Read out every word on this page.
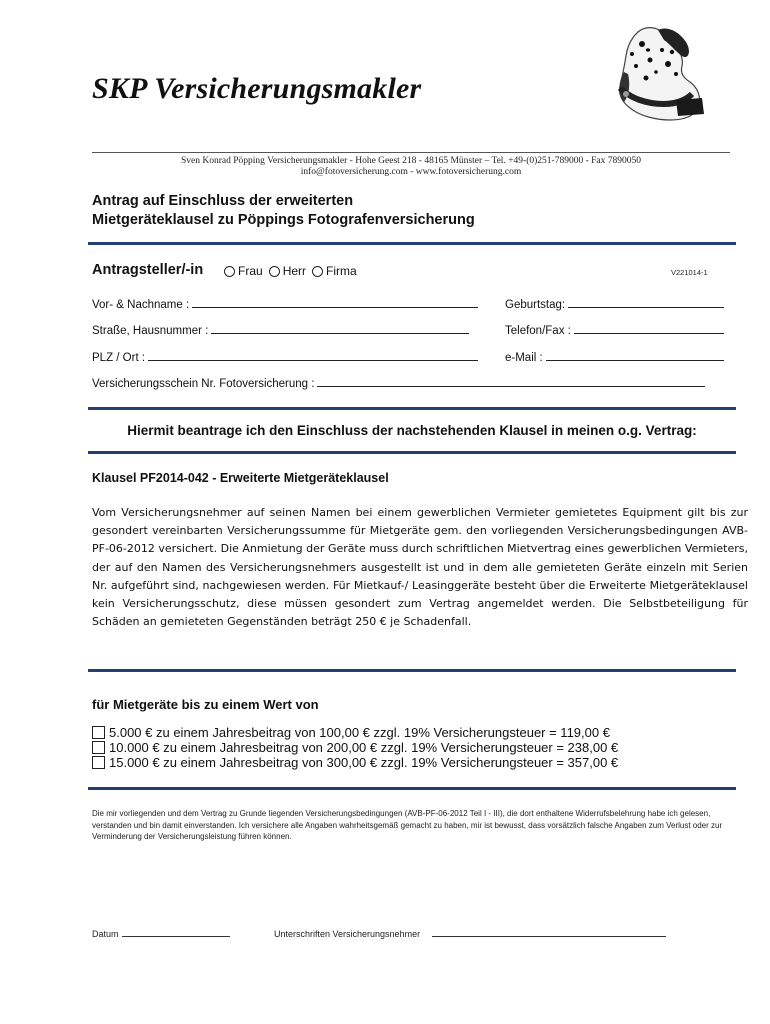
SKP Versicherungsmakler
Sven Konrad Pöpping Versicherungsmakler - Hohe Geest 218 - 48165 Münster – Tel. +49-(0)251-789000 - Fax 7890050
info@fotoversicherung.com - www.fotoversicherung.com
Antrag auf Einschluss der erweiterten
Mietgeräteklausel zu Pöppings Fotografenversicherung
Antragsteller/-in	Frau Herr Firma	V221014-1
Vor- & Nachname :	Geburtstag:
Straße, Hausnummer :	Telefon/Fax :
PLZ / Ort :	e-Mail :
Versicherungsschein Nr. Fotoversicherung :
Hiermit beantrage ich den Einschluss der nachstehenden Klausel in meinen o.g. Vertrag:
Klausel PF2014-042 - Erweiterte Mietgeräteklausel
Vom Versicherungsnehmer auf seinen Namen bei einem gewerblichen Vermieter gemietetes Equipment gilt bis zur gesondert vereinbarten Versicherungssumme für Mietgeräte gem. den vorliegenden Versicherungsbedingungen AVB-PF-06-2012 versichert. Die Anmietung der Geräte muss durch schriftlichen Mietvertrag eines gewerblichen Vermieters, der auf den Namen des Versicherungsnehmers ausgestellt ist und in dem alle gemieteten Geräte einzeln mit Serien Nr. aufgeführt sind, nachgewiesen werden. Für Mietkauf-/ Leasinggeräte besteht über die Erweiterte Mietgeräteklausel kein Versicherungsschutz, diese müssen gesondert zum Vertrag angemeldet werden. Die Selbstbeteiligung für Schäden an gemieteten Gegenständen beträgt 250 € je Schadenfall.
für Mietgeräte bis zu einem Wert von
5.000 € zu einem Jahresbeitrag von 100,00 € zzgl. 19% Versicherungsteuer = 119,00 €
10.000 € zu einem Jahresbeitrag von 200,00 € zzgl. 19% Versicherungsteuer = 238,00 €
15.000 € zu einem Jahresbeitrag von 300,00 € zzgl. 19% Versicherungsteuer = 357,00 €
Die mir vorliegenden und dem Vertrag zu Grunde liegenden Versicherungsbedingungen (AVB-PF-06-2012 Teil I - III), die dort enthaltene Widerrufsbelehrung habe ich gelesen, verstanden und bin damit einverstanden. Ich versichere alle Angaben wahrheitsgemäß gemacht zu haben, mir ist bewusst, dass vorsätzlich falsche Angaben zum Verlust oder zur Verminderung der Versicherungsleistung führen können.
Datum	Unterschriften Versicherungsnehmer
